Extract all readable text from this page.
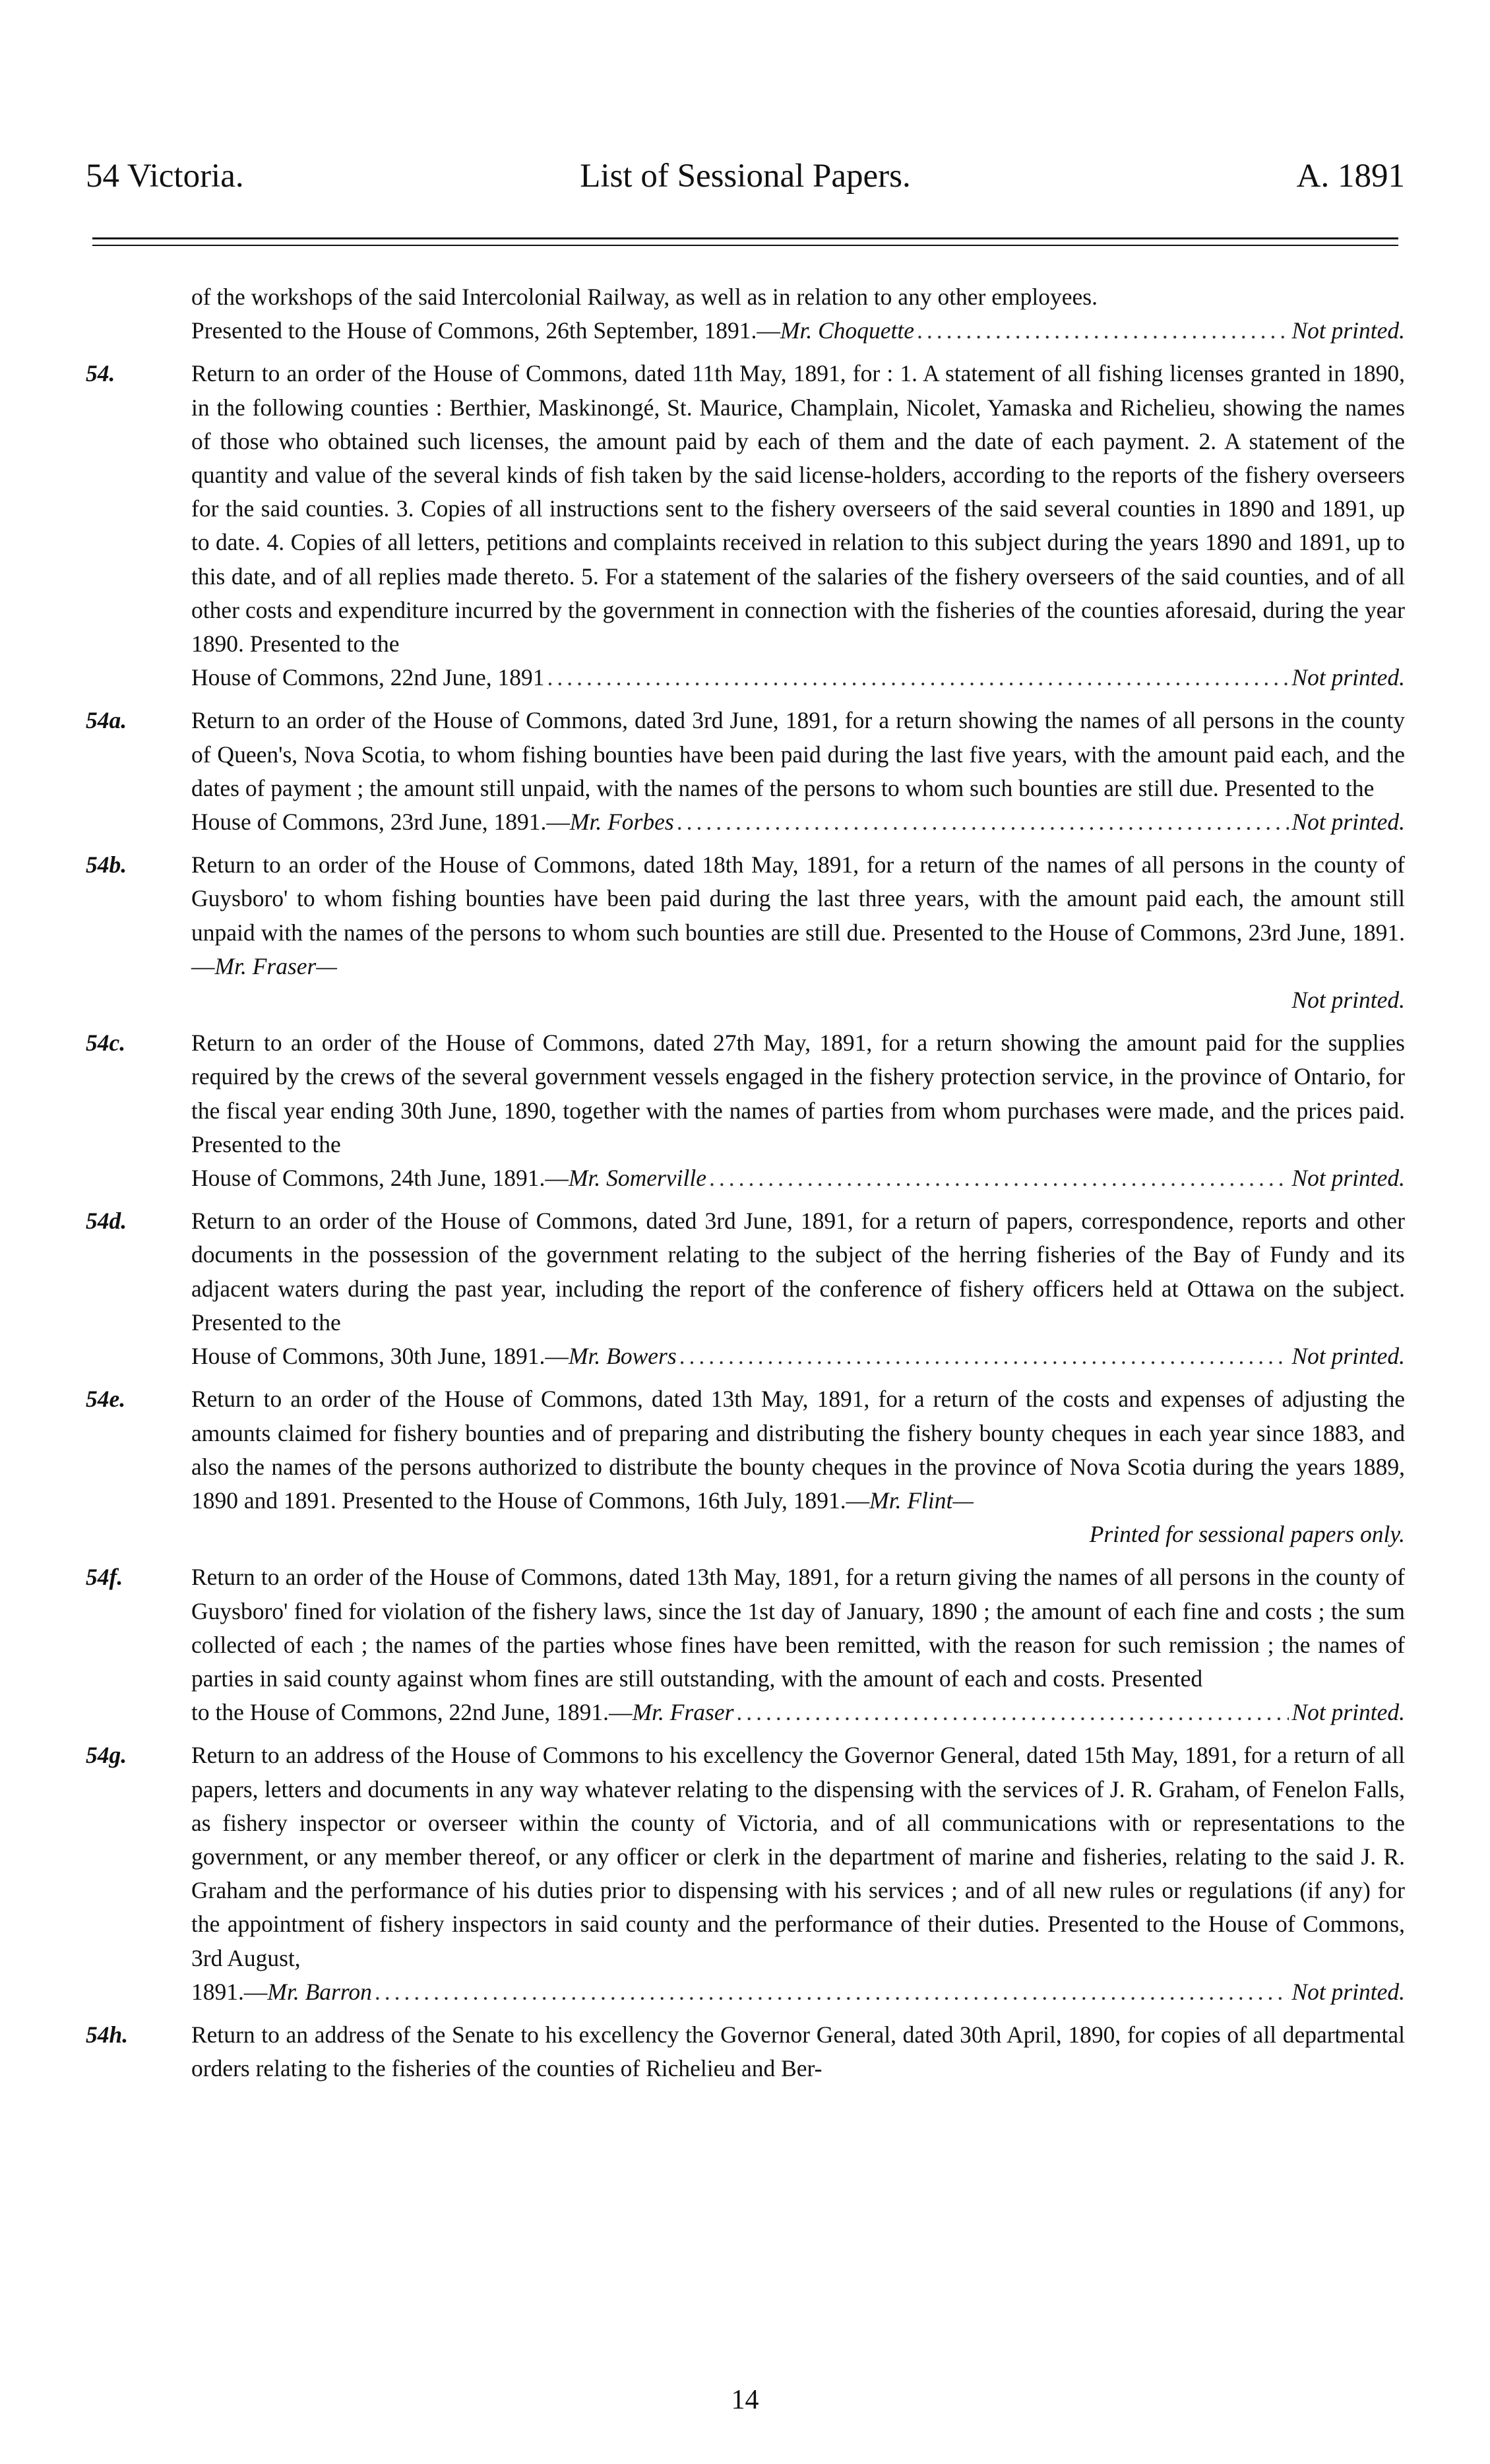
54 Victoria.	List of Sessional Papers.	A. 1891
of the workshops of the said Intercolonial Railway, as well as in relation to any other employees.
Presented to the House of Commons, 26th September, 1891.—Mr. Choquette .....	Not printed.
54.	Return to an order of the House of Commons, dated 11th May, 1891, for : 1. A statement of all fishing licenses granted in 1890, in the following counties : Berthier, Maskinongé, St. Maurice, Champlain, Nicolet, Yamaska and Richelieu, showing the names of those who obtained such licenses, the amount paid by each of them and the date of each payment. 2. A statement of the quantity and value of the several kinds of fish taken by the said license-holders, according to the reports of the fishery overseers for the said counties. 3. Copies of all instructions sent to the fishery overseers of the said several counties in 1890 and 1891, up to date. 4. Copies of all letters, petitions and complaints received in relation to this subject during the years 1890 and 1891, up to this date, and of all replies made thereto. 5. For a statement of the salaries of the fishery overseers of the said counties, and of all other costs and expenditure incurred by the government in connection with the fisheries of the counties aforesaid, during the year 1890. Presented to the
House of Commons, 22nd June, 1891 .....	Not printed.
54a.	Return to an order of the House of Commons, dated 3rd June, 1891, for a return showing the names of all persons in the county of Queen's, Nova Scotia, to whom fishing bounties have been paid during the last five years, with the amount paid each, and the dates of payment ; the amount still unpaid, with the names of the persons to whom such bounties are still due. Presented to the
House of Commons, 23rd June, 1891.—Mr. Forbes .....	Not printed.
54b.	Return to an order of the House of Commons, dated 18th May, 1891, for a return of the names of all persons in the county of Guysboro' to whom fishing bounties have been paid during the last three years, with the amount paid each, the amount still unpaid with the names of the persons to whom such bounties are still due. Presented to the House of Commons, 23rd June, 1891.—Mr. Fraser—
Not printed.
54c.	Return to an order of the House of Commons, dated 27th May, 1891, for a return showing the amount paid for the supplies required by the crews of the several government vessels engaged in the fishery protection service, in the province of Ontario, for the fiscal year ending 30th June, 1890, together with the names of parties from whom purchases were made, and the prices paid. Presented to the
House of Commons, 24th June, 1891.—Mr. Somerville .....	Not printed.
54d.	Return to an order of the House of Commons, dated 3rd June, 1891, for a return of papers, correspondence, reports and other documents in the possession of the government relating to the subject of the herring fisheries of the Bay of Fundy and its adjacent waters during the past year, including the report of the conference of fishery officers held at Ottawa on the subject. Presented to the
House of Commons, 30th June, 1891.—Mr. Bowers .....	Not printed.
54e.	Return to an order of the House of Commons, dated 13th May, 1891, for a return of the costs and expenses of adjusting the amounts claimed for fishery bounties and of preparing and distributing the fishery bounty cheques in each year since 1883, and also the names of the persons authorized to distribute the bounty cheques in the province of Nova Scotia during the years 1889, 1890 and 1891. Presented to the House of Commons, 16th July, 1891.—Mr. Flint—
Printed for sessional papers only.
54f.	Return to an order of the House of Commons, dated 13th May, 1891, for a return giving the names of all persons in the county of Guysboro' fined for violation of the fishery laws, since the 1st day of January, 1890 ; the amount of each fine and costs ; the sum collected of each ; the names of the parties whose fines have been remitted, with the reason for such remission ; the names of parties in said county against whom fines are still outstanding, with the amount of each and costs. Presented
to the House of Commons, 22nd June, 1891.—Mr. Fraser .....	Not printed.
54g.	Return to an address of the House of Commons to his excellency the Governor General, dated 15th May, 1891, for a return of all papers, letters and documents in any way whatever relating to the dispensing with the services of J. R. Graham, of Fenelon Falls, as fishery inspector or overseer within the county of Victoria, and of all communications with or representations to the government, or any member thereof, or any officer or clerk in the department of marine and fisheries, relating to the said J. R. Graham and the performance of his duties prior to dispensing with his services ; and of all new rules or regulations (if any) for the appointment of fishery inspectors in said county and the performance of their duties. Presented to the House of Commons, 3rd August,
1891.—Mr. Barron .....	Not printed.
54h.	Return to an address of the Senate to his excellency the Governor General, dated 30th April, 1890, for copies of all departmental orders relating to the fisheries of the counties of Richelieu and Ber-
14
